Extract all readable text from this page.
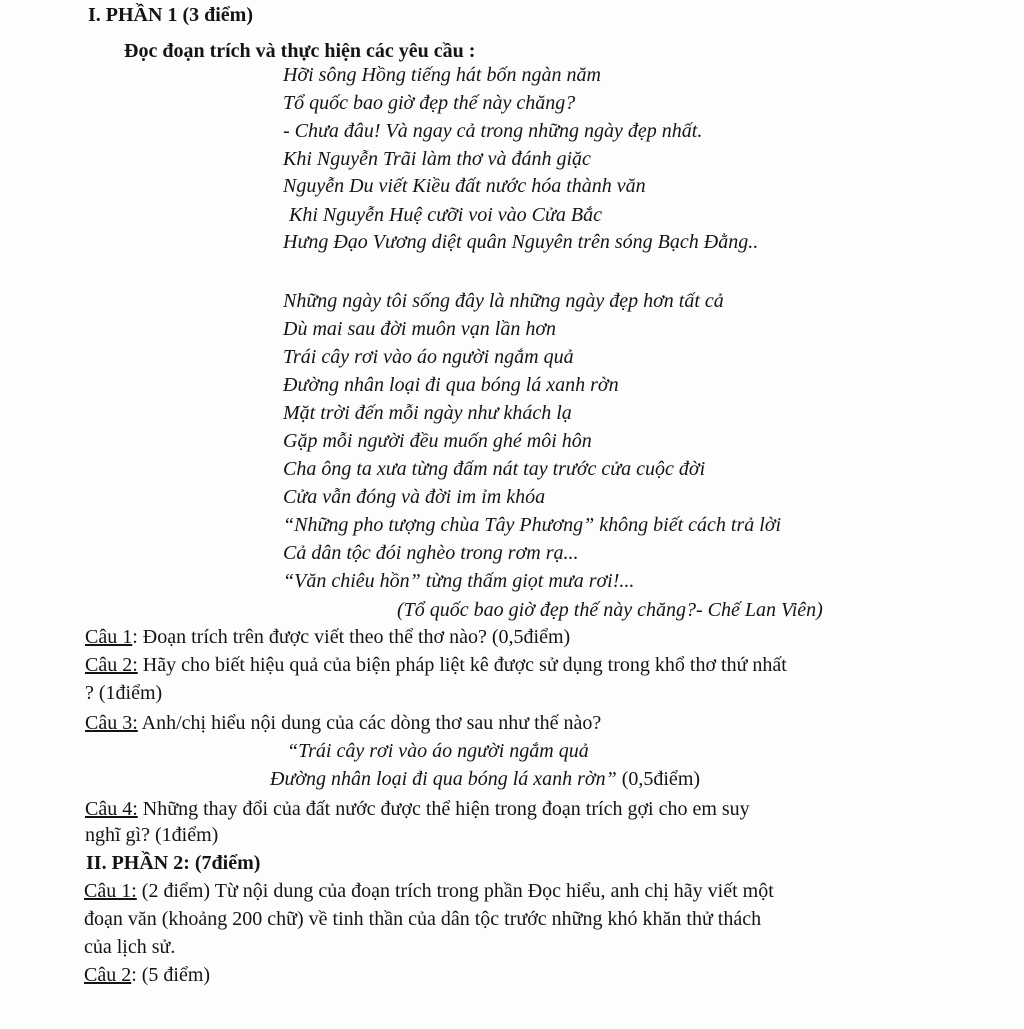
I. PHẦN 1 (3 điểm)
Đọc đoạn trích và thực hiện các yêu cầu :
Hỡi sông Hồng tiếng hát bốn ngàn năm
Tổ quốc bao giờ đẹp thế này chăng?
- Chưa đâu! Và ngay cả trong những ngày đẹp nhất.
Khi Nguyễn Trãi làm thơ và đánh giặc
Nguyễn Du viết Kiều đất nước hóa thành văn
Khi Nguyễn Huệ cưỡi voi vào Cửa Bắc
Hưng Đạo Vương diệt quân Nguyên trên sóng Bạch Đằng..
Những ngày tôi sống đây là những ngày đẹp hơn tất cả
Dù mai sau đời muôn vạn lần hơn
Trái cây rơi vào áo người ngắm quả
Đường nhân loại đi qua bóng lá xanh rờn
Mặt trời đến mỗi ngày như khách lạ
Gặp mỗi người đều muốn ghé môi hôn
Cha ông ta xưa từng đấm nát tay trước cửa cuộc đời
Cửa vẫn đóng và đời im ỉm khóa
“Những pho tượng chùa Tây Phương” không biết cách trả lời
Cả dân tộc đói nghèo trong rơm rạ...
“Văn chiêu hồn” từng thấm giọt mưa rơi!...
(Tổ quốc bao giờ đẹp thế này chăng?- Chế Lan Viên)
Câu 1: Đoạn trích trên được viết theo thể thơ nào? (0,5điểm)
Câu 2: Hãy cho biết hiệu quả của biện pháp liệt kê được sử dụng trong khổ thơ thứ nhất
? (1điểm)
Câu 3: Anh/chị hiểu nội dung của các dòng thơ sau như thế nào?
“Trái cây rơi vào áo người ngắm quả
Đường nhân loại đi qua bóng lá xanh rờn” (0,5điểm)
Câu 4: Những thay đổi của đất nước được thể hiện trong đoạn trích gợi cho em suy
nghĩ gì? (1điểm)
II. PHẦN 2: (7điểm)
Câu 1: (2 điểm) Từ nội dung của đoạn trích trong phần Đọc hiểu, anh chị hãy viết một
đoạn văn (khoảng 200 chữ) về tinh thần của dân tộc trước những khó khăn thử thách
của lịch sử.
Câu 2: (5 điểm)
